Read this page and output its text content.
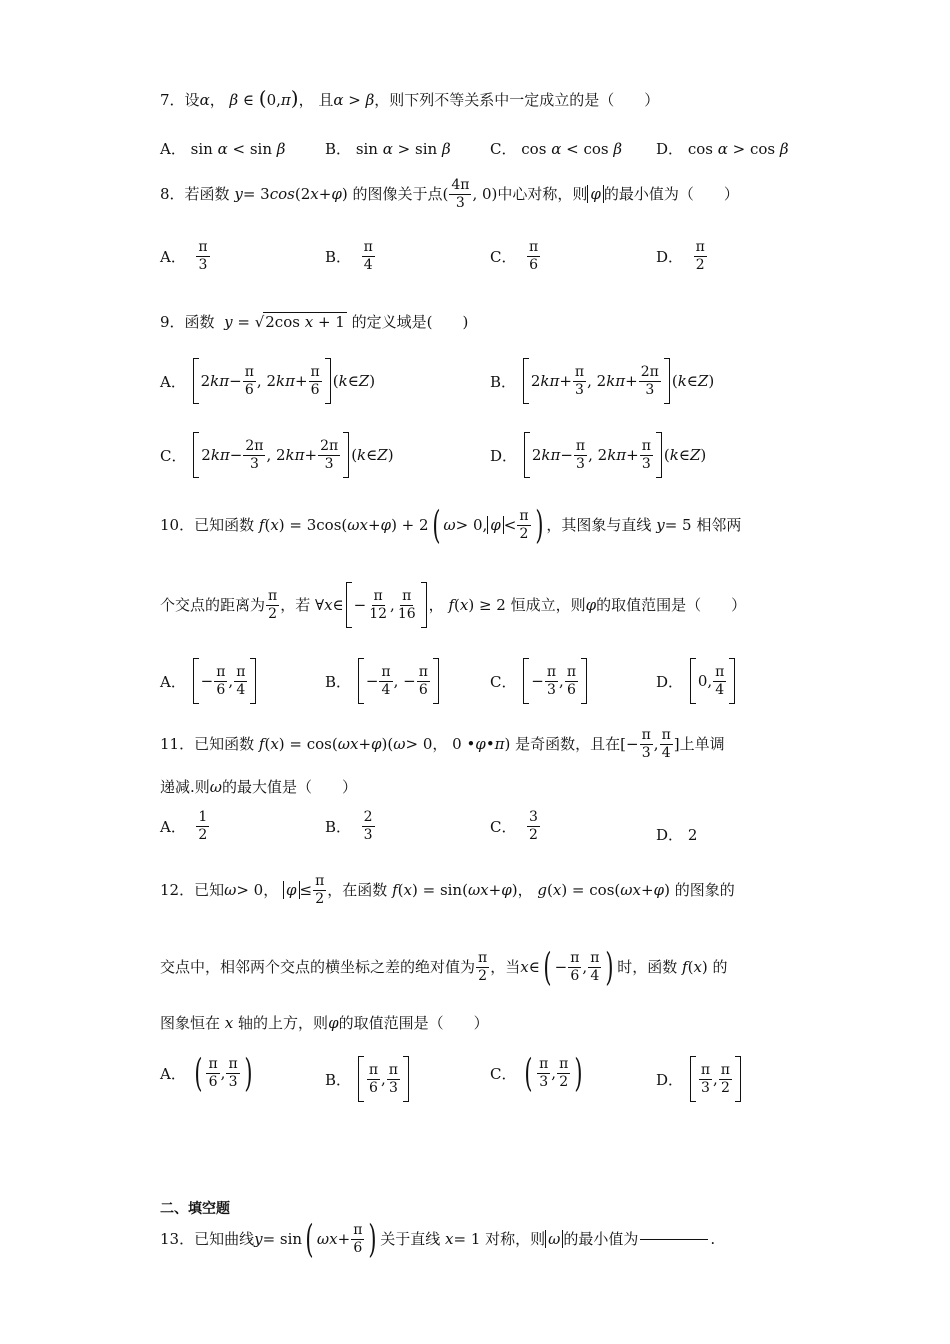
7．设α， β ∈ (0,π)， 且α > β，则下列不等关系中一定成立的是（　　）
A． sin α < sin β	B． sin α > sin β	C． cos α < cos β D． cos α > cos β
8． 若函数
y = 3 cos (2 x + φ ) 的图像关于点 ( 4π
3 , 0) 中心对称，则 φ 的最小值为（　　）
A．

π
3	B．

π
4	C．

π
6	D．

π
2
9．函数 y = √2cos x + 1 的定义域是(　　)
A．
2 kπ −
π
6 , 2 kπ +
π
6 ( k ∈ Z )	B．
2 kπ +
π
3 , 2 kπ +
2π
3 ( k ∈ Z )
C．
2 kπ −
2π
3 , 2 kπ +
2π
3 ( k ∈ Z )	D．
2 kπ −
π
3 , 2 kπ +
π
3 ( k ∈ Z )
10． 已知函数
f ( x ) = 3cos( ωx + φ ) + 2 ( ω > 0, φ < π
2 ) ，其图象与直线
y = 5 相邻两
个交点的距离为 π
2 ，若 ∀ x ∈ − π
12 , π
16 ， f ( x ) ≥ 2 恒成立，则 φ 的取值范围是（　　）
A．
−
π
6 ,
π
4	B．
−
π
4 , −
π
6	C．
−
π
3 ,
π
6	D．
0,
π
4
11． 已知函数
f ( x ) = cos( ωx + φ )( ω > 0， 0 • φ • π ) 是奇函数，且在 [− π
3 , π
4 ] 上单调
递减.则ω的最大值是（　　）
A．

1
2	B．

2
3	C．

3
2	D． 2
12． 已知 ω > 0， φ ≤ π
2 ，在函数
f ( x ) = sin( ωx + φ )， g ( x ) = cos( ωx + φ ) 的图象的
交点中，相邻两个交点的横坐标之差的绝对值为 π
2 ，当 x ∈ ( − π
6 , π
4 ) 时，函数
f ( x ) 的
图象恒在 x 轴的上方，则φ的取值范围是（　　）
A．
( π
6 ,
π
3 )	B．

π
6 ,
π
3
C．
( π
3 ,
π
2 )	D．

π
3 ,
π
2
二、填空题
13． 已知曲线 y = sin ( ωx + π
6 ) 关于直线
x = 1 对称，则 ω 的最小值为	.
